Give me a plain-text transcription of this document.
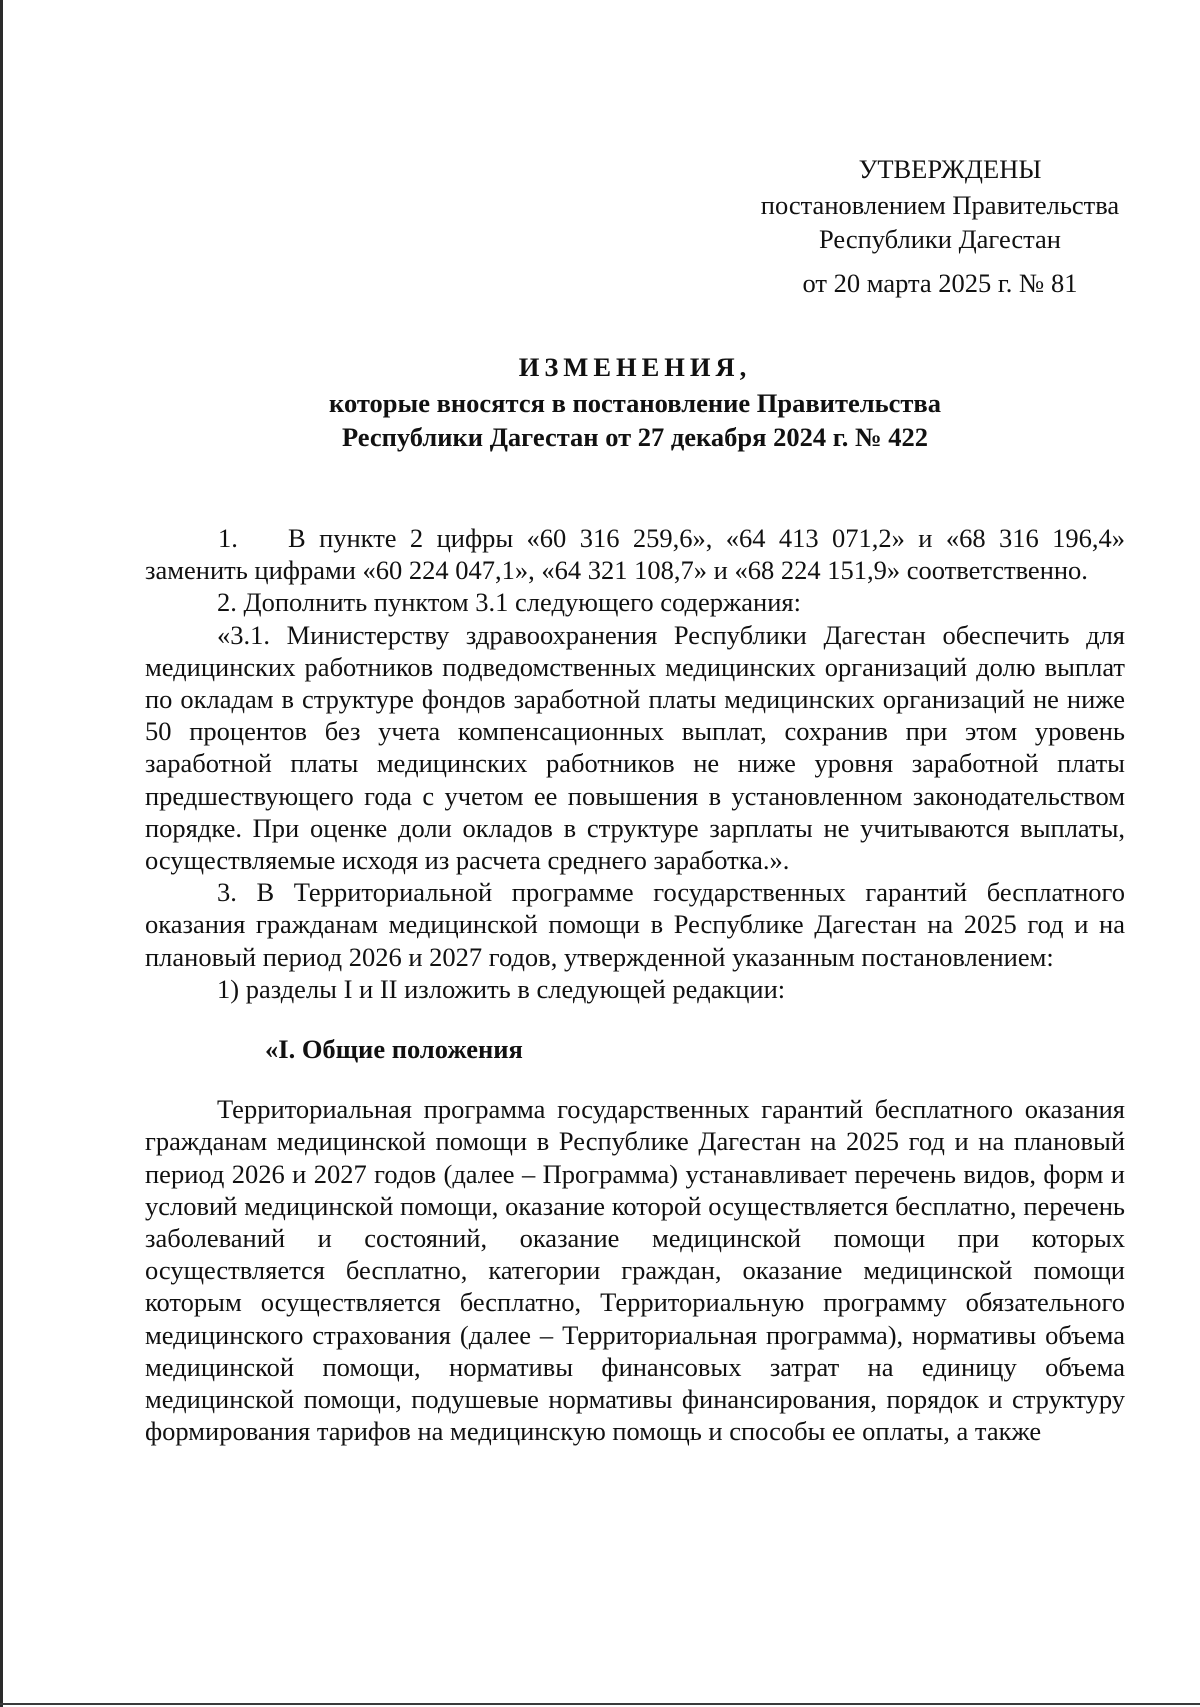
УТВЕРЖДЕНЫ
постановлением Правительства
Республики Дагестан
от 20 марта 2025 г. № 81
ИЗМЕНЕНИЯ,
которые вносятся в постановление Правительства
Республики Дагестан от 27 декабря 2024 г. № 422

1. В пункте 2 цифры «60 316 259,6», «64 413 071,2» и «68 316 196,4» заменить цифрами «60 224 047,1», «64 321 108,7» и «68 224 151,9» соответственно.

2. Дополнить пунктом 3.1 следующего содержания:

«3.1. Министерству здравоохранения Республики Дагестан обеспечить для медицинских работников подведомственных медицинских организаций долю выплат по окладам в структуре фондов заработной платы медицинских организаций не ниже 50 процентов без учета компенсационных выплат, сохранив при этом уровень заработной платы медицинских работников не ниже уровня заработной платы предшествующего года с учетом ее повышения в установленном законодательством порядке. При оценке доли окладов в структуре зарплаты не учитываются выплаты, осуществляемые исходя из расчета среднего заработка.».

3. В Территориальной программе государственных гарантий бесплатного оказания гражданам медицинской помощи в Республике Дагестан на 2025 год и на плановый период 2026 и 2027 годов, утвержденной указанным постановлением:

1) разделы I и II изложить в следующей редакции:

«I. Общие положения

Территориальная программа государственных гарантий бесплатного оказания гражданам медицинской помощи в Республике Дагестан на 2025 год и на плановый период 2026 и 2027 годов (далее – Программа) устанавливает перечень видов, форм и условий медицинской помощи, оказание которой осуществляется бесплатно, перечень заболеваний и состояний, оказание медицинской помощи при которых осуществляется бесплатно, категории граждан, оказание медицинской помощи которым осуществляется бесплатно, Территориальную программу обязательного медицинского страхования (далее – Территориальная программа), нормативы объема медицинской помощи, нормативы финансовых затрат на единицу объема медицинской помощи, подушевые нормативы финансирования, порядок и структуру формирования тарифов на медицинскую помощь и способы ее оплаты, а также
